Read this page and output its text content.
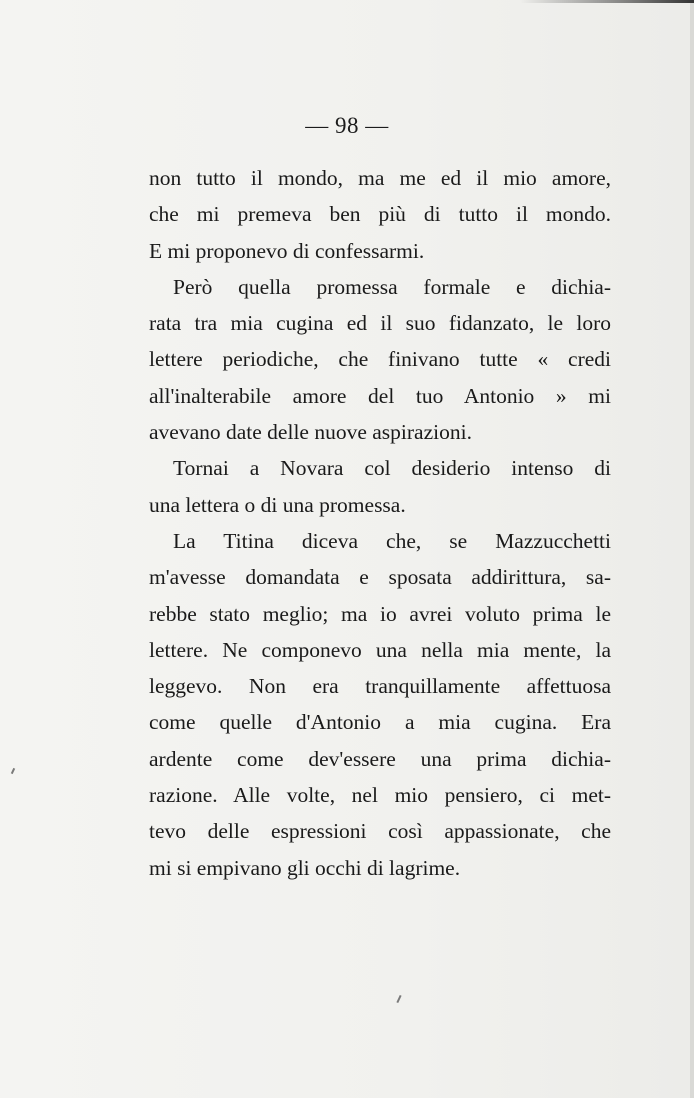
— 98 —
non tutto il mondo, ma me ed il mio amore,
che mi premeva ben più di tutto il mondo.
E mi proponevo di confessarmi.
Però quella promessa formale e dichia-
rata tra mia cugina ed il suo fidanzato, le loro
lettere periodiche, che finivano tutte « credi
all'inalterabile amore del tuo Antonio » mi
avevano date delle nuove aspirazioni.
Tornai a Novara col desiderio intenso di
una lettera o di una promessa.
La Titina diceva che, se Mazzucchetti
m'avesse domandata e sposata addirittura, sa-
rebbe stato meglio; ma io avrei voluto prima le
lettere. Ne componevo una nella mia mente, la
leggevo. Non era tranquillamente affettuosa
come quelle d'Antonio a mia cugina. Era
ardente come dev'essere una prima dichia-
razione. Alle volte, nel mio pensiero, ci met-
tevo delle espressioni così appassionate, che
mi si empivano gli occhi di lagrime.
